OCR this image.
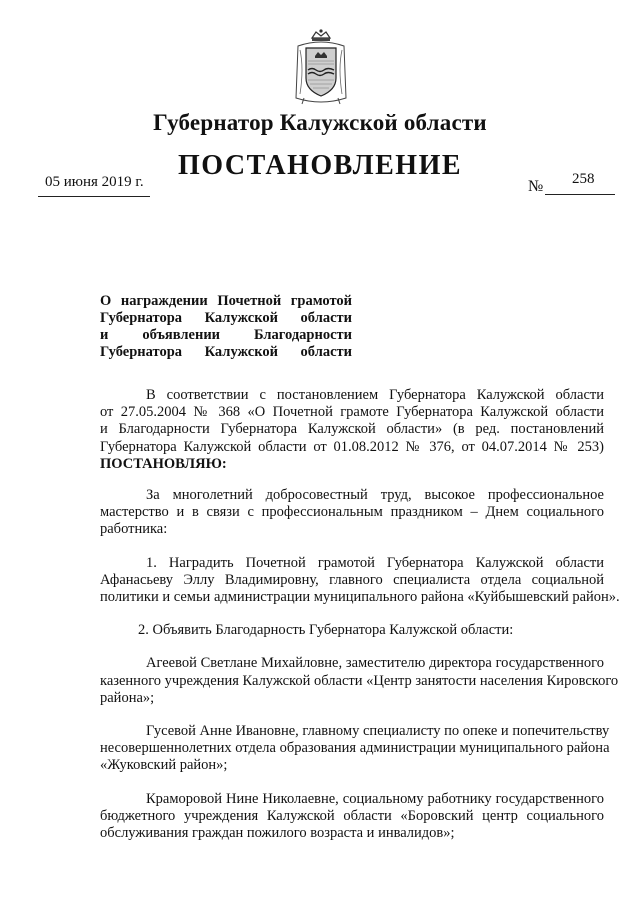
Губернатор Калужской области
ПОСТАНОВЛЕНИЕ
05 июня 2019 г.	№ 258
О награждении Почетной грамотой
Губернатора Калужской области
и объявлении Благодарности
Губернатора Калужской области
В соответствии с постановлением Губернатора Калужской области
от 27.05.2004 № 368 «О Почетной грамоте Губернатора Калужской области
и Благодарности Губернатора Калужской области» (в ред. постановлений
Губернатора Калужской области от 01.08.2012 № 376, от 04.07.2014 № 253)
ПОСТАНОВЛЯЮ:
За многолетний добросовестный труд, высокое профессиональное
мастерство и в связи с профессиональным праздником – Днем социального
работника:
1. Наградить Почетной грамотой Губернатора Калужской области
Афанасьеву Эллу Владимировну, главного специалиста отдела социальной
политики и семьи администрации муниципального района «Куйбышевский район».
2. Объявить Благодарность Губернатора Калужской области:
Агеевой Светлане Михайловне, заместителю директора государственного
казенного учреждения Калужской области «Центр занятости населения Кировского
района»;
Гусевой Анне Ивановне, главному специалисту по опеке и попечительству
несовершеннолетних отдела образования администрации муниципального района
«Жуковский район»;
Краморовой Нине Николаевне, социальному работнику государственного
бюджетного учреждения Калужской области «Боровский центр социального
обслуживания граждан пожилого возраста и инвалидов»;
